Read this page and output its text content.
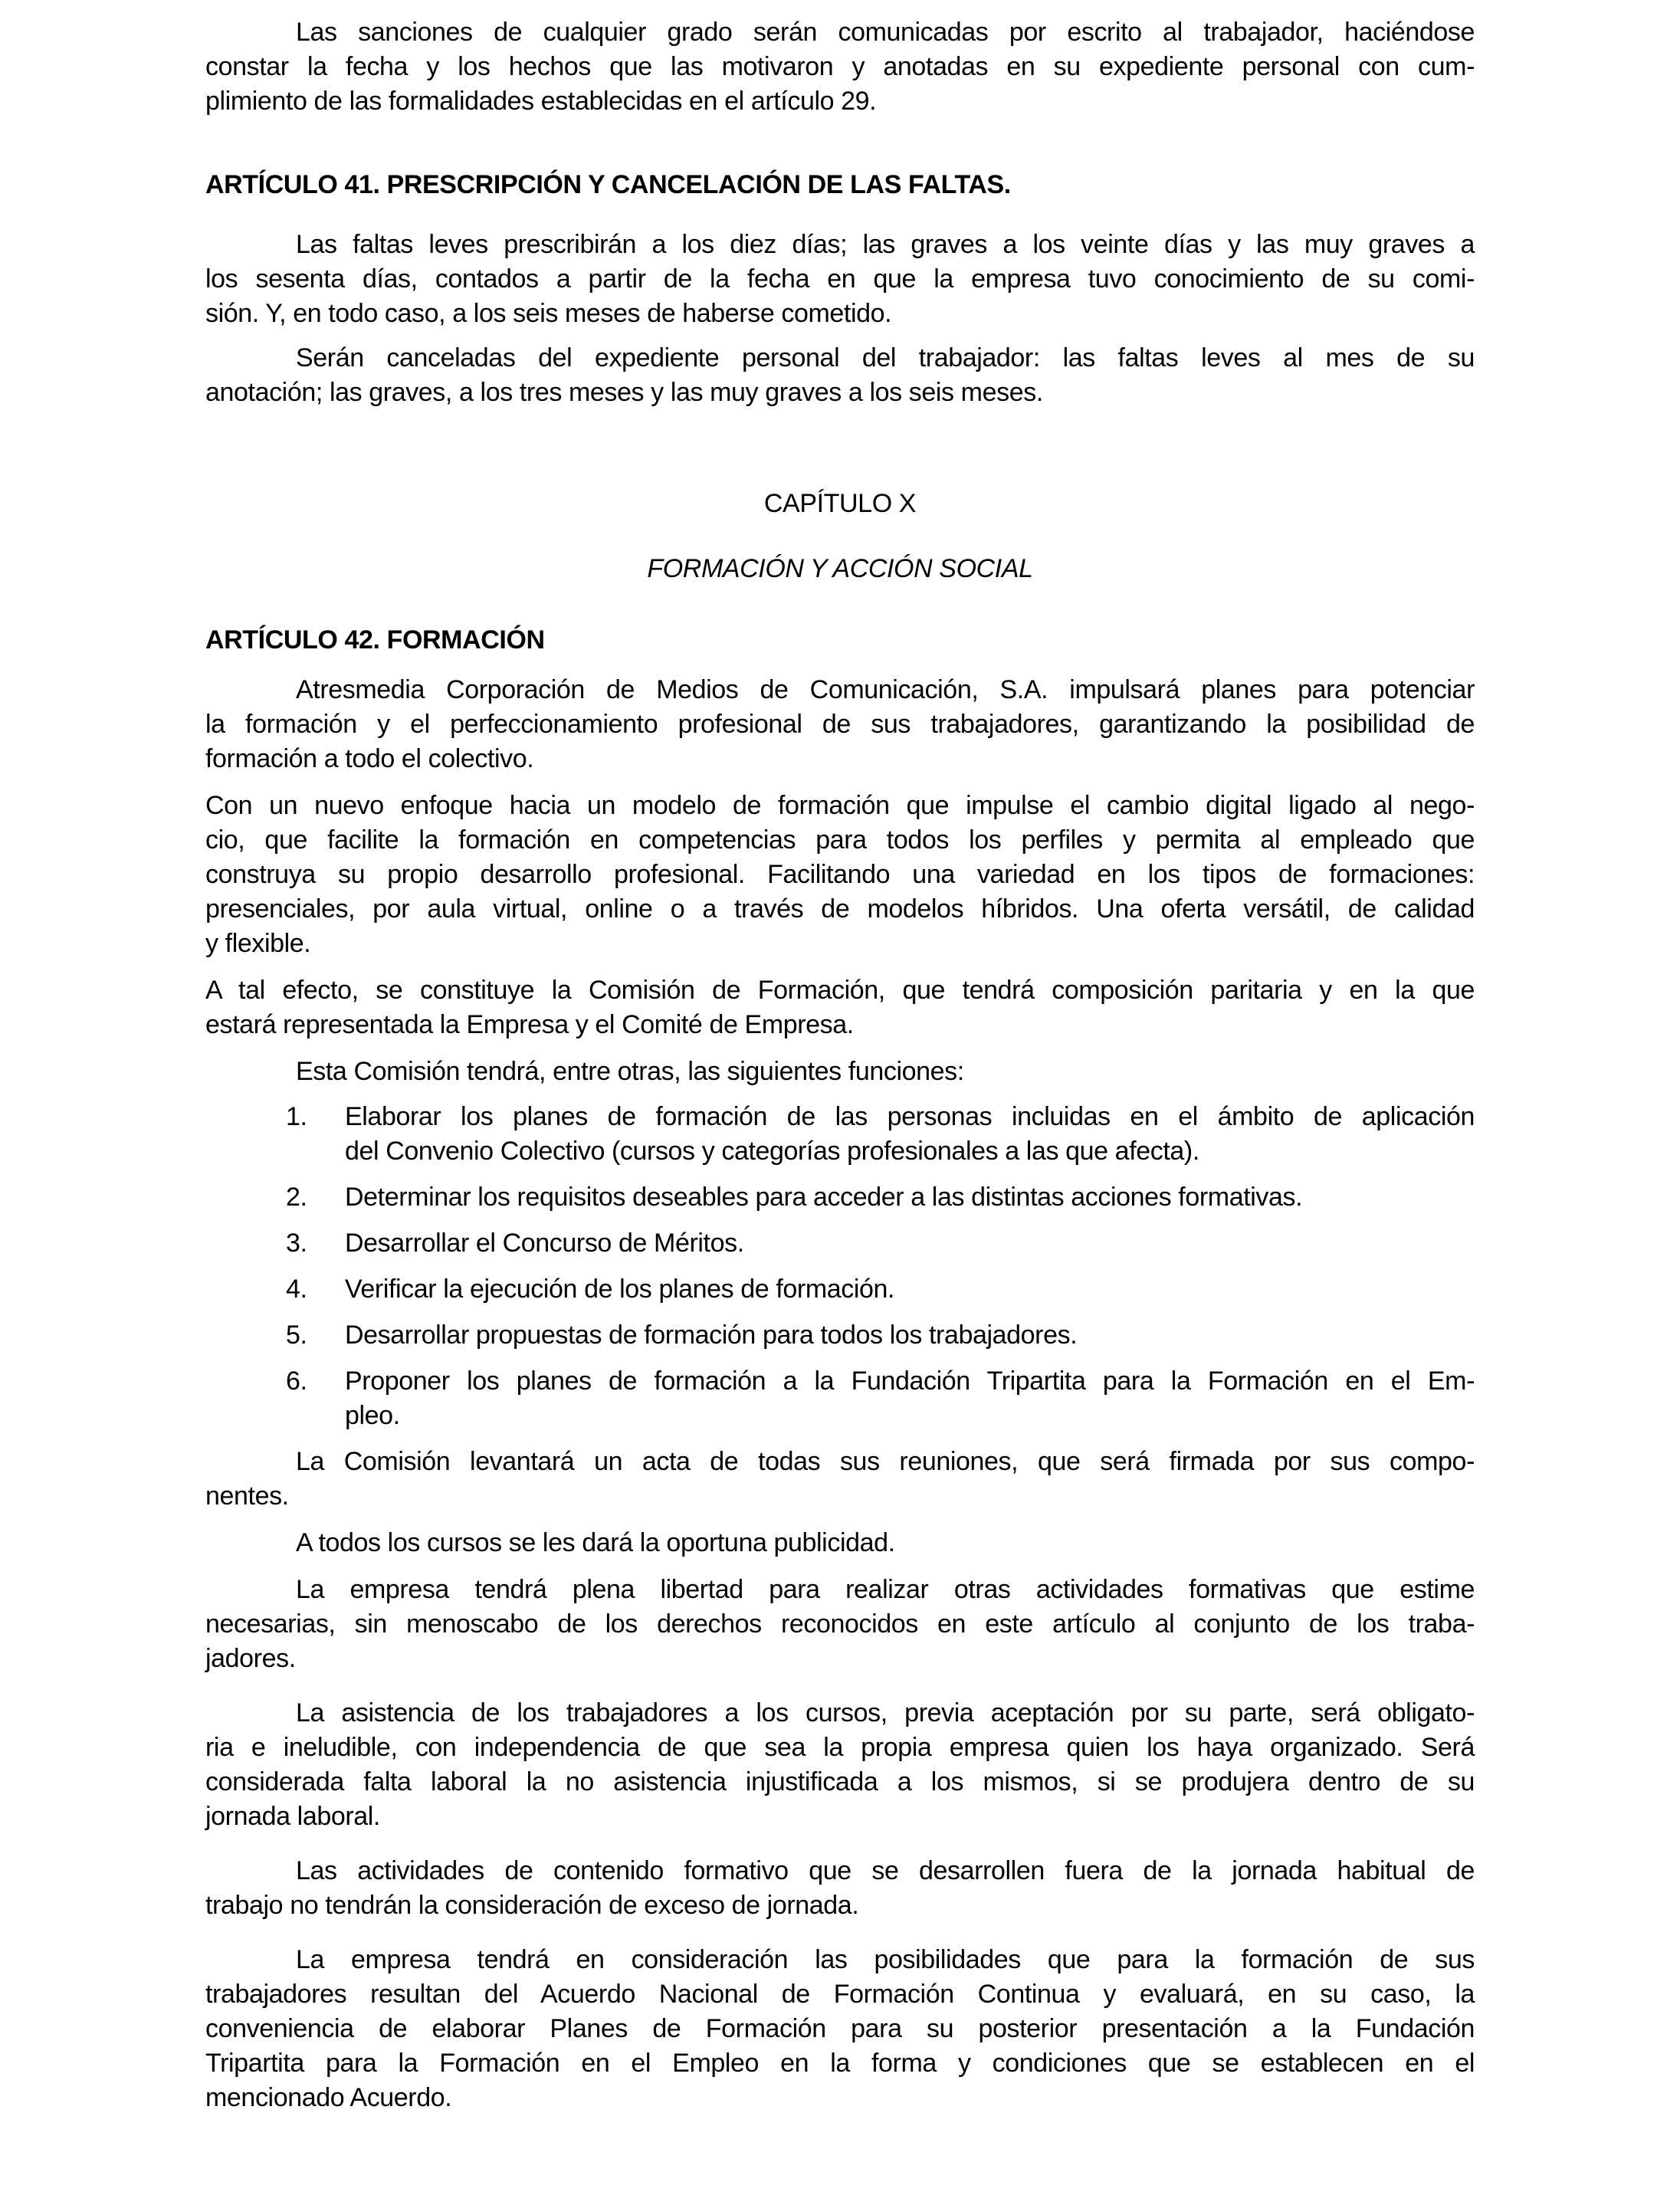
Las sanciones de cualquier grado serán comunicadas por escrito al trabajador, haciéndose
constar la fecha y los hechos que las motivaron y anotadas en su expediente personal con cum-
plimiento de las formalidades establecidas en el artículo 29.
ARTÍCULO 41. PRESCRIPCIÓN Y CANCELACIÓN DE LAS FALTAS.
Las faltas leves prescribirán a los diez días; las graves a los veinte días y las muy graves a
los sesenta días, contados a partir de la fecha en que la empresa tuvo conocimiento de su comi-
sión. Y, en todo caso, a los seis meses de haberse cometido.
Serán canceladas del expediente personal del trabajador: las faltas leves al mes de su
anotación; las graves, a los tres meses y las muy graves a los seis meses.
CAPÍTULO X
FORMACIÓN Y ACCIÓN SOCIAL
ARTÍCULO 42. FORMACIÓN
Atresmedia Corporación de Medios de Comunicación, S.A. impulsará planes para potenciar
la formación y el perfeccionamiento profesional de sus trabajadores, garantizando la posibilidad de
formación a todo el colectivo.
Con un nuevo enfoque hacia un modelo de formación que impulse el cambio digital ligado al nego-
cio, que facilite la formación en competencias para todos los perfiles y permita al empleado que
construya su propio desarrollo profesional. Facilitando una variedad en los tipos de formaciones:
presenciales, por aula virtual, online o a través de modelos híbridos. Una oferta versátil, de calidad
y flexible.
A tal efecto, se constituye la Comisión de Formación, que tendrá composición paritaria y en la que
estará representada la Empresa y el Comité de Empresa.
Esta Comisión tendrá, entre otras, las siguientes funciones:
1.	Elaborar los planes de formación de las personas incluidas en el ámbito de aplicación
del Convenio Colectivo (cursos y categorías profesionales a las que afecta).
2.	Determinar los requisitos deseables para acceder a las distintas acciones formativas.
3.	Desarrollar el Concurso de Méritos.
4.	Verificar la ejecución de los planes de formación.
5.	Desarrollar propuestas de formación para todos los trabajadores.
6.	Proponer los planes de formación a la Fundación Tripartita para la Formación en el Em-
pleo.
La Comisión levantará un acta de todas sus reuniones, que será firmada por sus compo-
nentes.
A todos los cursos se les dará la oportuna publicidad.
La empresa tendrá plena libertad para realizar otras actividades formativas que estime
necesarias, sin menoscabo de los derechos reconocidos en este artículo al conjunto de los traba-
jadores.
La asistencia de los trabajadores a los cursos, previa aceptación por su parte, será obligato-
ria e ineludible, con independencia de que sea la propia empresa quien los haya organizado. Será
considerada falta laboral la no asistencia injustificada a los mismos, si se produjera dentro de su
jornada laboral.
Las actividades de contenido formativo que se desarrollen fuera de la jornada habitual de
trabajo no tendrán la consideración de exceso de jornada.
La empresa tendrá en consideración las posibilidades que para la formación de sus
trabajadores resultan del Acuerdo Nacional de Formación Continua y evaluará, en su caso, la
conveniencia de elaborar Planes de Formación para su posterior presentación a la Fundación
Tripartita para la Formación en el Empleo en la forma y condiciones que se establecen en el
mencionado Acuerdo.
